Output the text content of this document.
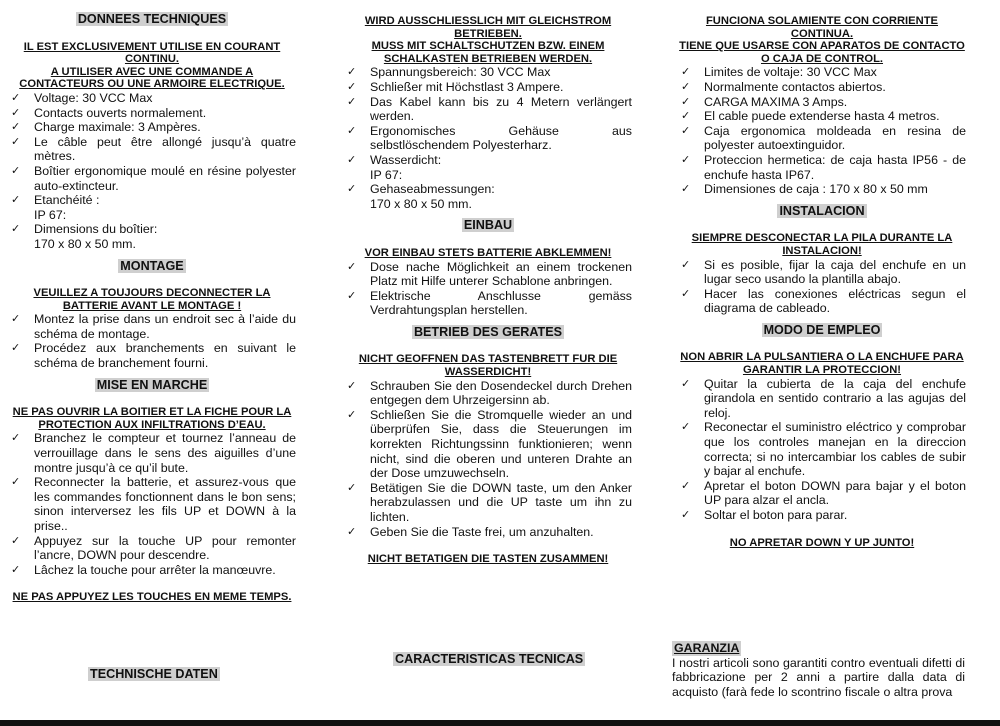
DONNEES TECHNIQUES
IL EST EXCLUSIVEMENT UTILISE EN COURANT CONTINU.
A UTILISER AVEC UNE COMMANDE A CONTACTEURS OU UNE ARMOIRE ELECTRIQUE.
✓ Voltage: 30 VCC Max
✓ Contacts ouverts normalement.
✓ Charge maximale: 3 Ampères.
✓ Le câble peut être allongé jusqu’à quatre mètres.
✓ Boîtier ergonomique moulé en résine polyester auto-extincteur.
✓ Etanchéité :
IP 67:
✓ Dimensions du boîtier:
170 x 80 x 50 mm.
MONTAGE
VEUILLEZ A TOUJOURS DECONNECTER LA BATTERIE AVANT LE MONTAGE !
✓ Montez la prise dans un endroit sec à l’aide du schéma de montage.
✓ Procédez aux branchements en suivant le schéma de branchement fourni.
MISE EN MARCHE
NE PAS OUVRIR LA BOITIER ET LA FICHE POUR LA PROTECTION AUX INFILTRATIONS D’EAU.
✓ Branchez le compteur et tournez l’anneau de verrouillage dans le sens des aiguilles d’une montre jusqu’à ce qu’il bute.
✓ Reconnecter la batterie, et assurez-vous que les commandes fonctionnent dans le bon sens; sinon interversez les fils UP et DOWN à la prise..
✓ Appuyez sur la touche UP pour remonter l’ancre, DOWN pour descendre.
✓ Lâchez la touche pour arrêter la manœuvre.
NE PAS APPUYEZ LES TOUCHES EN MEME TEMPS.
WIRD AUSSCHLIESSLICH MIT GLEICHSTROM BETRIEBEN.
MUSS MIT SCHALTSCHUTZEN BZW. EINEM SCHALKASTEN BETRIEBEN WERDEN.
✓ Spannungsbereich: 30 VCC Max
✓ Schließer mit Höchstlast 3 Ampere.
✓ Das Kabel kann bis zu 4 Metern verlängert werden.
✓ Ergonomisches Gehäuse aus selbstlöschendem Polyesterharz.
✓ Wasserdicht:
IP 67:
✓ Gehaseabmessungen:
170 x 80 x 50 mm.
EINBAU
VOR EINBAU STETS BATTERIE ABKLEMMEN!
✓ Dose nache Möglichkeit an einem trockenen Platz mit Hilfe unterer Schablone anbringen.
✓ Elektrische Anschlusse gemäss Verdrahtungsplan herstellen.
BETRIEB DES GERATES
NICHT GEOFFNEN DAS TASTENBRETT FUR DIE WASSERDICHT!
✓ Schrauben Sie den Dosendeckel durch Drehen entgegen dem Uhrzeigersinn ab.
✓ Schließen Sie die Stromquelle wieder an und überprüfen Sie, dass die Steuerungen im korrekten Richtungssinn funktionieren; wenn nicht, sind die oberen und unteren Drahte an der Dose umzuwechseln.
✓ Betätigen Sie die DOWN taste, um den Anker herabzulassen und die UP taste um ihn zu lichten.
✓ Geben Sie die Taste frei, um anzuhalten.
NICHT BETATIGEN DIE TASTEN ZUSAMMEN!
FUNCIONA SOLAMIENTE CON CORRIENTE CONTINUA.
TIENE QUE USARSE CON APARATOS DE CONTACTO O CAJA DE CONTROL.
✓ Limites de voltaje: 30 VCC Max
✓ Normalmente contactos abiertos.
✓ CARGA MAXIMA 3 Amps.
✓ El cable puede extenderse hasta 4 metros.
✓ Caja ergonomica moldeada en resina de polyester autoextinguidor.
✓ Proteccion hermetica: de caja hasta IP56 - de enchufe hasta IP67.
✓ Dimensiones de caja : 170 x 80 x 50 mm
INSTALACION
SIEMPRE DESCONECTAR LA PILA DURANTE LA INSTALACION!
✓ Si es posible, fijar la caja del enchufe en un lugar seco usando la plantilla abajo.
✓ Hacer las conexiones eléctricas segun el diagrama de cableado.
MODO DE EMPLEO
NON ABRIR LA PULSANTIERA O LA ENCHUFE PARA GARANTIR LA PROTECCION!
✓ Quitar la cubierta de la caja del enchufe girandola en sentido contrario a las agujas del reloj.
✓ Reconectar el suministro eléctrico y comprobar que los controles manejan en la direccion correcta; si no intercambiar los cables de subir y bajar al enchufe.
✓ Apretar el boton DOWN para bajar y el boton UP para alzar el ancla.
✓ Soltar el boton para parar.
NO APRETAR DOWN Y UP JUNTO!
TECHNISCHE DATEN
CARACTERISTICAS TECNICAS
GARANZIA
I nostri articoli sono garantiti contro eventuali difetti di fabbricazione per 2 anni a partire dalla data di acquisto (farà fede lo scontrino fiscale o altra prova
